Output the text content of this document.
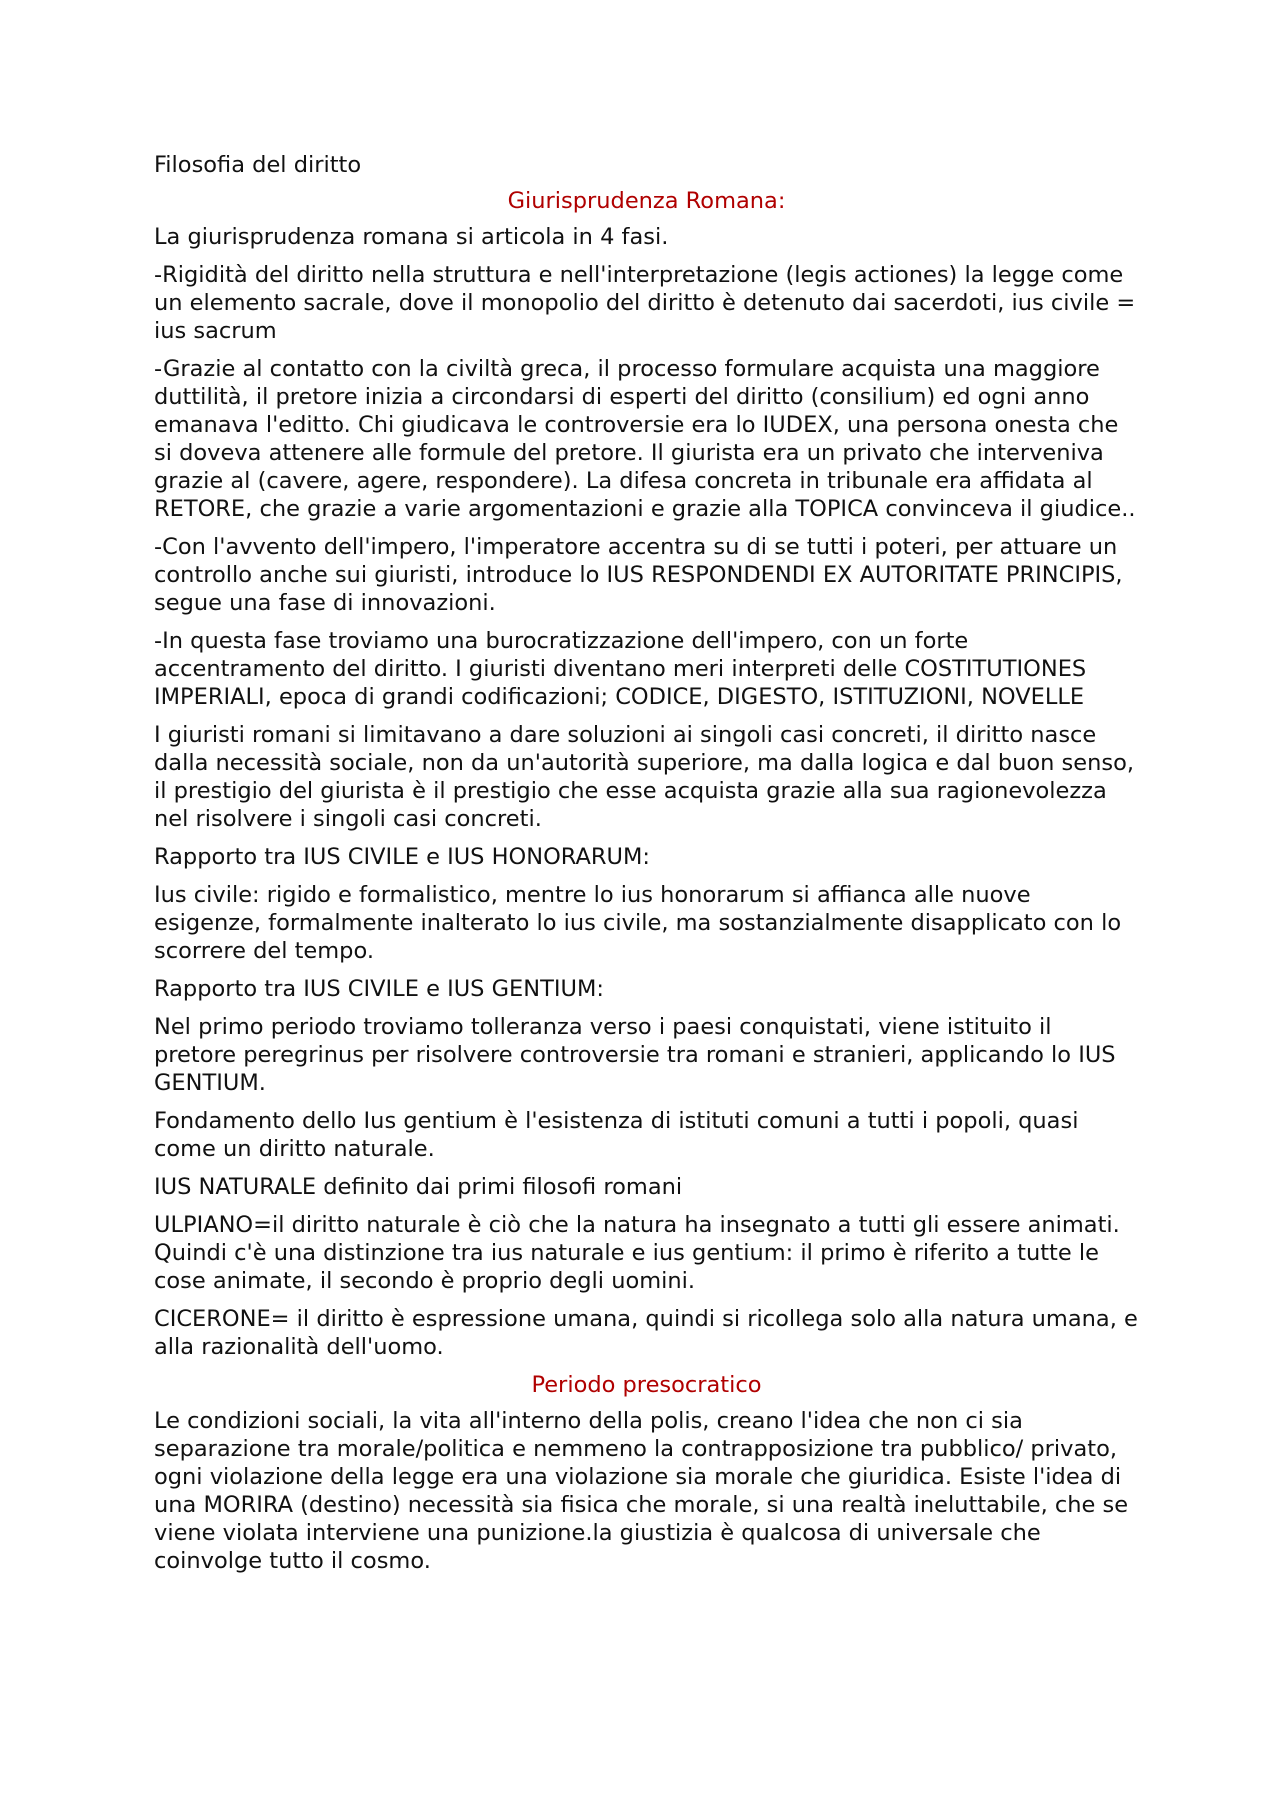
Filosofia del diritto

Giurisprudenza Romana:

La giurisprudenza romana si articola in 4 fasi.

-Rigidità del diritto nella struttura e nell'interpretazione (legis actiones) la legge come un elemento sacrale, dove il monopolio del diritto è detenuto dai sacerdoti, ius civile = ius sacrum

-Grazie al contatto con la civiltà greca, il processo formulare acquista una maggiore duttilità, il pretore inizia a circondarsi di esperti del diritto (consilium) ed ogni anno emanava l'editto. Chi giudicava le controversie era lo IUDEX, una persona onesta che si doveva attenere alle formule del pretore. Il giurista era un privato che interveniva grazie al (cavere, agere, respondere). La difesa concreta in tribunale era affidata al RETORE, che grazie a varie argomentazioni e grazie alla TOPICA convinceva il giudice..

-Con l'avvento dell'impero, l'imperatore accentra su di se tutti i poteri, per attuare un controllo anche sui giuristi, introduce lo IUS RESPONDENDI EX AUTORITATE PRINCIPIS, segue una fase di innovazioni.

-In questa fase troviamo una burocratizzazione dell'impero, con un forte accentramento del diritto. I giuristi diventano meri interpreti delle COSTITUTIONES IMPERIALI, epoca di grandi codificazioni; CODICE, DIGESTO, ISTITUZIONI, NOVELLE

I giuristi romani si limitavano a dare soluzioni ai singoli casi concreti, il diritto nasce dalla necessità sociale, non da un'autorità superiore, ma dalla logica e dal buon senso, il prestigio del giurista è il prestigio che esse acquista grazie alla sua ragionevolezza nel risolvere i singoli casi concreti.

Rapporto tra IUS CIVILE e IUS HONORARUM:

Ius civile: rigido e formalistico, mentre lo ius honorarum si affianca alle nuove esigenze, formalmente inalterato lo ius civile, ma sostanzialmente disapplicato con lo scorrere del tempo.

Rapporto tra IUS CIVILE e IUS GENTIUM:

Nel primo periodo troviamo tolleranza verso i paesi conquistati, viene istituito il pretore peregrinus per risolvere controversie tra romani e stranieri, applicando lo IUS GENTIUM.

Fondamento dello Ius gentium è l'esistenza di istituti comuni a tutti i popoli, quasi come un diritto naturale.

IUS NATURALE definito dai primi filosofi romani

ULPIANO=il diritto naturale è ciò che la natura ha insegnato a tutti gli essere animati. Quindi c'è una distinzione tra ius naturale e ius gentium: il primo è riferito a tutte le cose animate, il secondo è proprio degli uomini.

CICERONE= il diritto è espressione umana, quindi si ricollega solo alla natura umana, e alla razionalità dell'uomo.

Periodo presocratico

Le condizioni sociali, la vita all'interno della polis, creano l'idea che non ci sia separazione tra morale/politica e nemmeno la contrapposizione tra pubblico/ privato, ogni violazione della legge era una violazione sia morale che giuridica. Esiste l'idea di una MORIRA (destino) necessità sia fisica che morale, si una realtà ineluttabile, che se viene violata interviene una punizione.la giustizia è qualcosa di universale che coinvolge tutto il cosmo.
